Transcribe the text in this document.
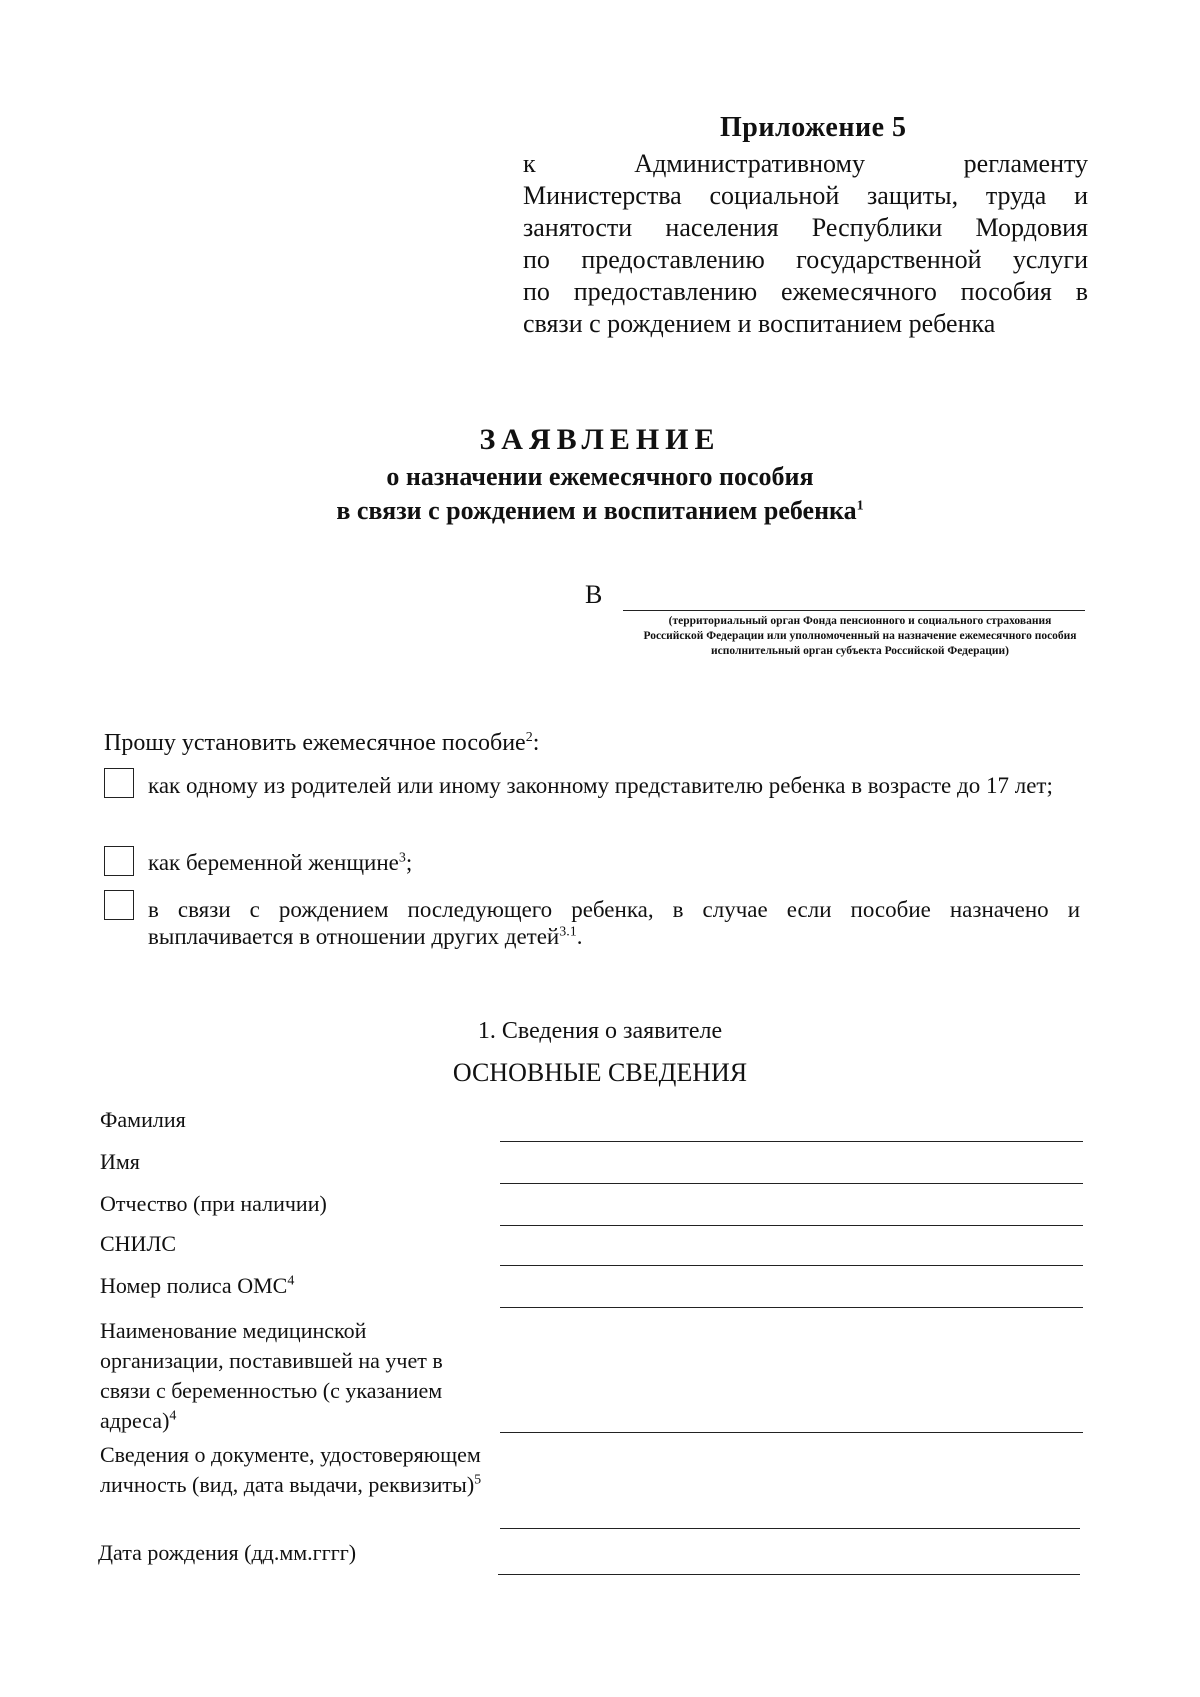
Приложение 5
к	Административному	регламенту
Министерства социальной защиты, труда и
занятости населения Республики Мордовия
по предоставлению государственной услуги
по предоставлению ежемесячного пособия в
связи с рождением и воспитанием ребенка
ЗАЯВЛЕНИЕ
о назначении ежемесячного пособия
в связи с рождением и воспитанием ребенка$^1$
В
(территориальный орган Фонда пенсионного и социального страхования Российской Федерации или уполномоченный на назначение ежемесячного пособия исполнительный орган субъекта Российской Федерации)
Прошу установить ежемесячное пособие$^2$:
как одному из родителей или иному законному представителю ребенка в возрасте до 17 лет;
как беременной женщине$^3$;
в связи с рождением последующего ребенка, в случае если пособие назначено и выплачивается в отношении других детей$^{3.1}$.
1. Сведения о заявителе
ОСНОВНЫЕ СВЕДЕНИЯ
Фамилия
Имя
Отчество (при наличии)
СНИЛС
Номер полиса ОМС$^4$
Наименование медицинской организации, поставившей на учет в связи с беременностью (с указанием адреса)$^4$
Сведения о документе, удостоверяющем личность (вид, дата выдачи, реквизиты)$^5$
Дата рождения (дд.мм.гггг)
